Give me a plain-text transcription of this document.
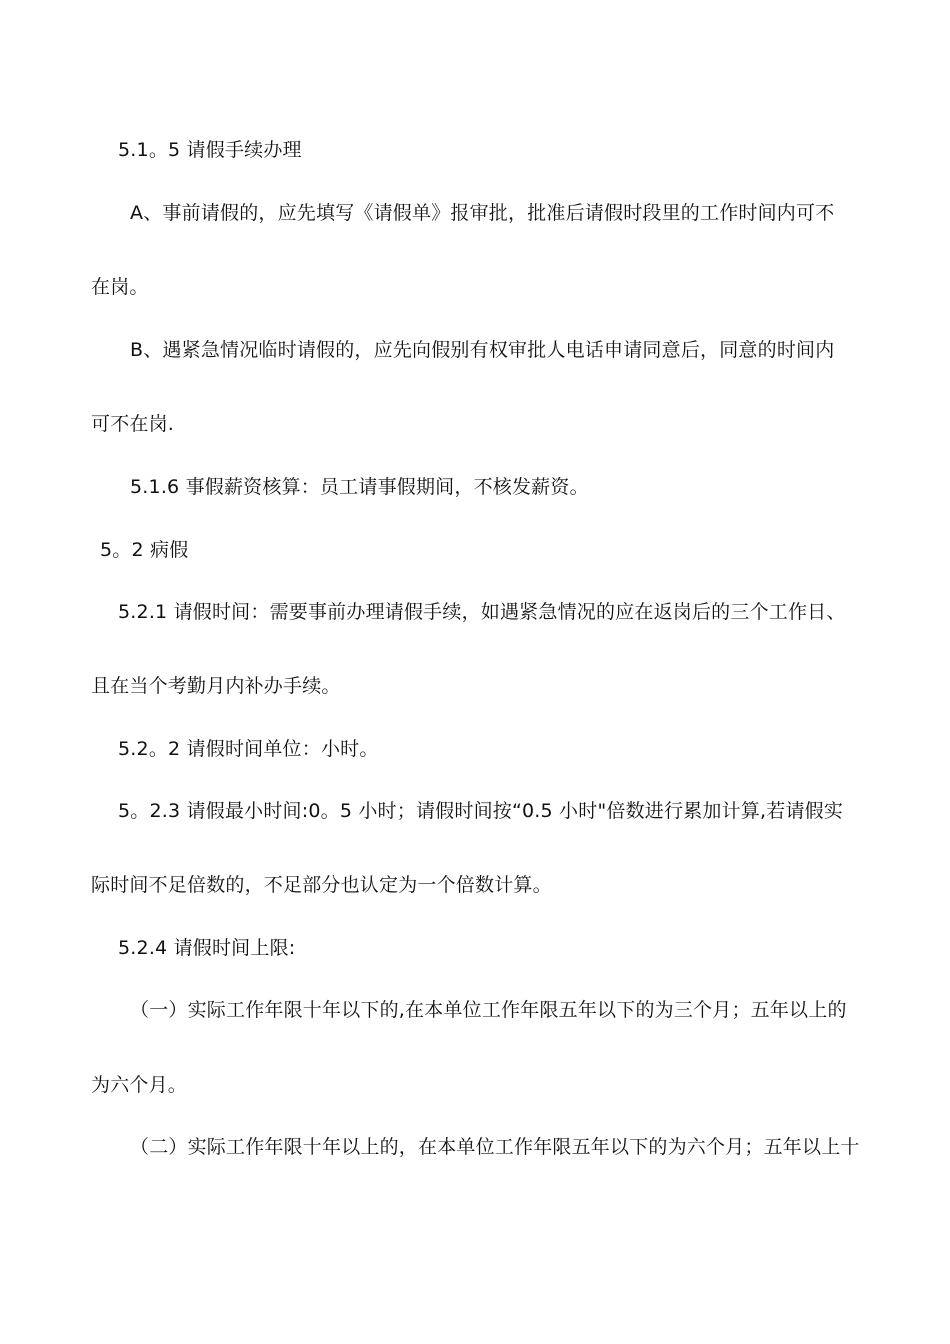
5.1。5 请假手续办理
A、事前请假的，应先填写《请假单》报审批，批准后请假时段里的工作时间内可不
在岗。
B、遇紧急情况临时请假的，应先向假别有权审批人电话申请同意后，同意的时间内
可不在岗.
5.1.6 事假薪资核算：员工请事假期间，不核发薪资。
5。2 病假
5.2.1 请假时间：需要事前办理请假手续，如遇紧急情况的应在返岗后的三个工作日、
且在当个考勤月内补办手续。
5.2。2 请假时间单位：小时。
5。2.3 请假最小时间:0。5 小时；请假时间按“0.5 小时"倍数进行累加计算,若请假实
际时间不足倍数的，不足部分也认定为一个倍数计算。
5.2.4 请假时间上限:
（一）实际工作年限十年以下的,在本单位工作年限五年以下的为三个月；五年以上的
为六个月。
（二）实际工作年限十年以上的，在本单位工作年限五年以下的为六个月；五年以上十
